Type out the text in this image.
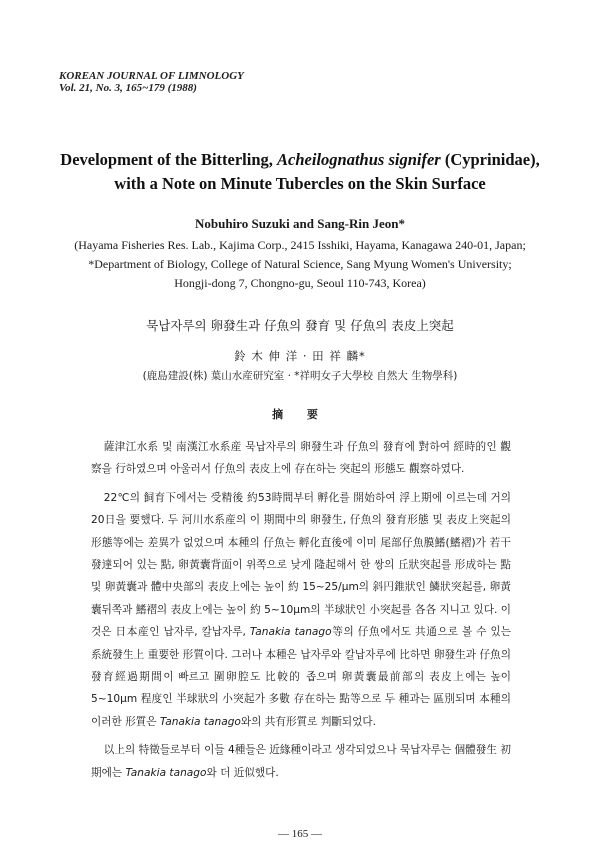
KOREAN JOURNAL OF LIMNOLOGY
Vol. 21, No. 3, 165~179 (1988)
Development of the Bitterling, Acheilognathus signifer (Cyprinidae),
with a Note on Minute Tubercles on the Skin Surface
Nobuhiro Suzuki and Sang-Rin Jeon*
(Hayama Fisheries Res. Lab., Kajima Corp., 2415 Isshiki, Hayama, Kanagawa 240-01, Japan;
*Department of Biology, College of Natural Science, Sang Myung Women's University;
Hongji-dong 7, Chongno-gu, Seoul 110-743, Korea)
묵납자루의 卵發生과 仔魚의 發育 및 仔魚의 表皮上突起
鈴 木 伸 洋 · 田 祥 麟*
(鹿島建設(株) 葉山水産研究室 · *祥明女子大學校 自然大 生物學科)
摘 要

薩津江水系 및 南漢江水系産 묵납자루의 卵發生과 仔魚의 發育에 對하여 經時的인 觀察을 行하였으며 아울러서 仔魚의 表皮上에 存在하는 突起의 形態도 觀察하였다.

22℃의 飼育下에서는 受精後 約53時間부터 孵化를 開始하여 浮上期에 이르는데 거의 20日을 要했다. 두 河川水系産의 이 期間中의 卵發生, 仔魚의 發育形態 및 表皮上突起의 形態等에는 差異가 없었으며 本種의 仔魚는 孵化直後에 이미 尾部仔魚膜鰭(鰭褶)가 若干 發達되어 있는 點, 卵黃囊背面이 위쪽으로 낮게 隆起해서 한 쌍의 丘狀突起를 形成하는 點 및 卵黃囊과 體中央部의 表皮上에는 높이 約 15~25/μm의 斜円錐狀인 鱗狀突起를, 卵黃囊뒤쪽과 鰭褶의 表皮上에는 높이 約 5~10μm의 半球狀인 小突起를 各各 지니고 있다. 이것은 日本産인 납자루, 칼납자루, Tanakia tanago等의 仔魚에서도 共通으로 볼 수 있는 系統發生上 重要한 形質이다. 그러나 本種은 납자루와 칼납자루에 比하면 卵發生과 仔魚의 發育經過期間이 빠르고 圍卵腔도 比較的 좁으며 卵黃囊最前部의 表皮上에는 높이 5~10μm 程度인 半球狀의 小突起가 多數 存在하는 點等으로 두 種과는 區別되며 本種의 이러한 形質은 Tanakia tanago와의 共有形質로 判斷되었다.

以上의 特徵들로부터 이들 4種들은 近緣種이라고 생각되었으나 묵납자루는 個體發生 初期에는 Tanakia tanago와 더 近似했다.

— 165 —
